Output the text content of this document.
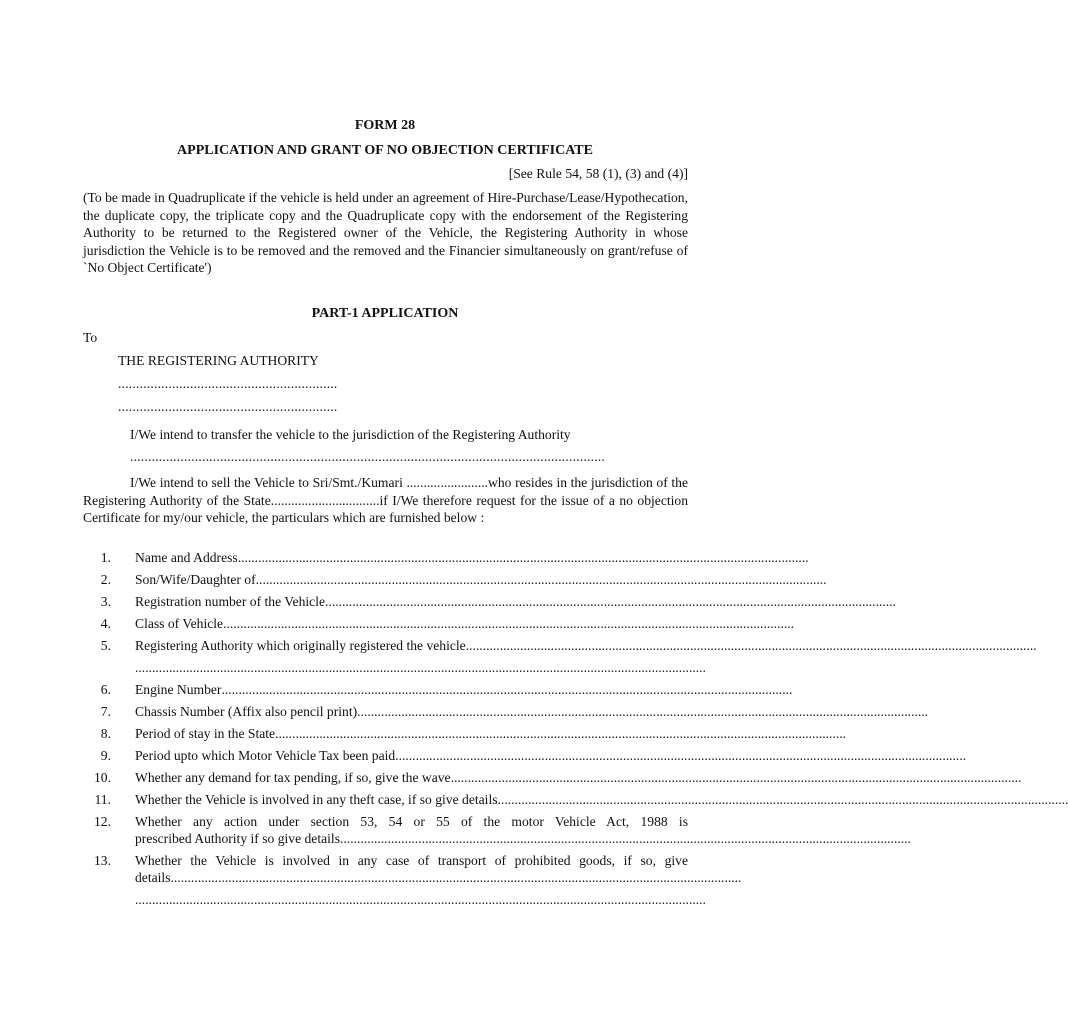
FORM 28
APPLICATION AND GRANT OF NO OBJECTION CERTIFICATE
[See Rule 54, 58 (1), (3) and (4)]
(To be made in Quadruplicate if the vehicle is held under an agreement of Hire-Purchase/Lease/Hypothecation, the duplicate copy, the triplicate copy and the Quadruplicate copy with the endorsement of the Registering Authority to be returned to the Registered owner of the Vehicle, the Registering Authority in whose jurisdiction the Vehicle is to be removed and the removed and the Financier simultaneously on grant/refuse of `No Object Certificate')
PART-1 APPLICATION
To
THE REGISTERING AUTHORITY
.............................................................
.............................................................
I/We intend to transfer the vehicle to the jurisdiction of the Registering Authority
....................................................................................................................................
I/We intend to sell the Vehicle to Sri/Smt./Kumari ........................who resides in the jurisdiction of the Registering Authority of the State................................if I/We therefore request for the issue of a no objection Certificate for my/our vehicle, the particulars which are furnished below :
1. Name and Address ........................................................................................................................................................................
2. Son/Wife/Daughter of ........................................................................................................................................................................
3. Registration number of the Vehicle ........................................................................................................................................................................
4. Class of Vehicle ........................................................................................................................................................................
5. Registering Authority which originally registered the vehicle ........................................................................................................................................................................
........................................................................................................................................................................
6. Engine Number ........................................................................................................................................................................
7. Chassis Number (Affix also pencil print) ........................................................................................................................................................................
8. Period of stay in the State ........................................................................................................................................................................
9. Period upto which Motor Vehicle Tax been paid ........................................................................................................................................................................
10. Whether any demand for tax pending, if so, give the wave ........................................................................................................................................................................
11. Whether the Vehicle is involved in any theft case, if so give details ........................................................................................................................................................................
12. Whether any action under section 53, 54 or 55 of the motor Vehicle Act, 1988 is
prescribed Authority if so give details ........................................................................................................................................................................
13. Whether the Vehicle is involved in any case of transport of prohibited goods, if so, give
details ........................................................................................................................................................................
........................................................................................................................................................................
